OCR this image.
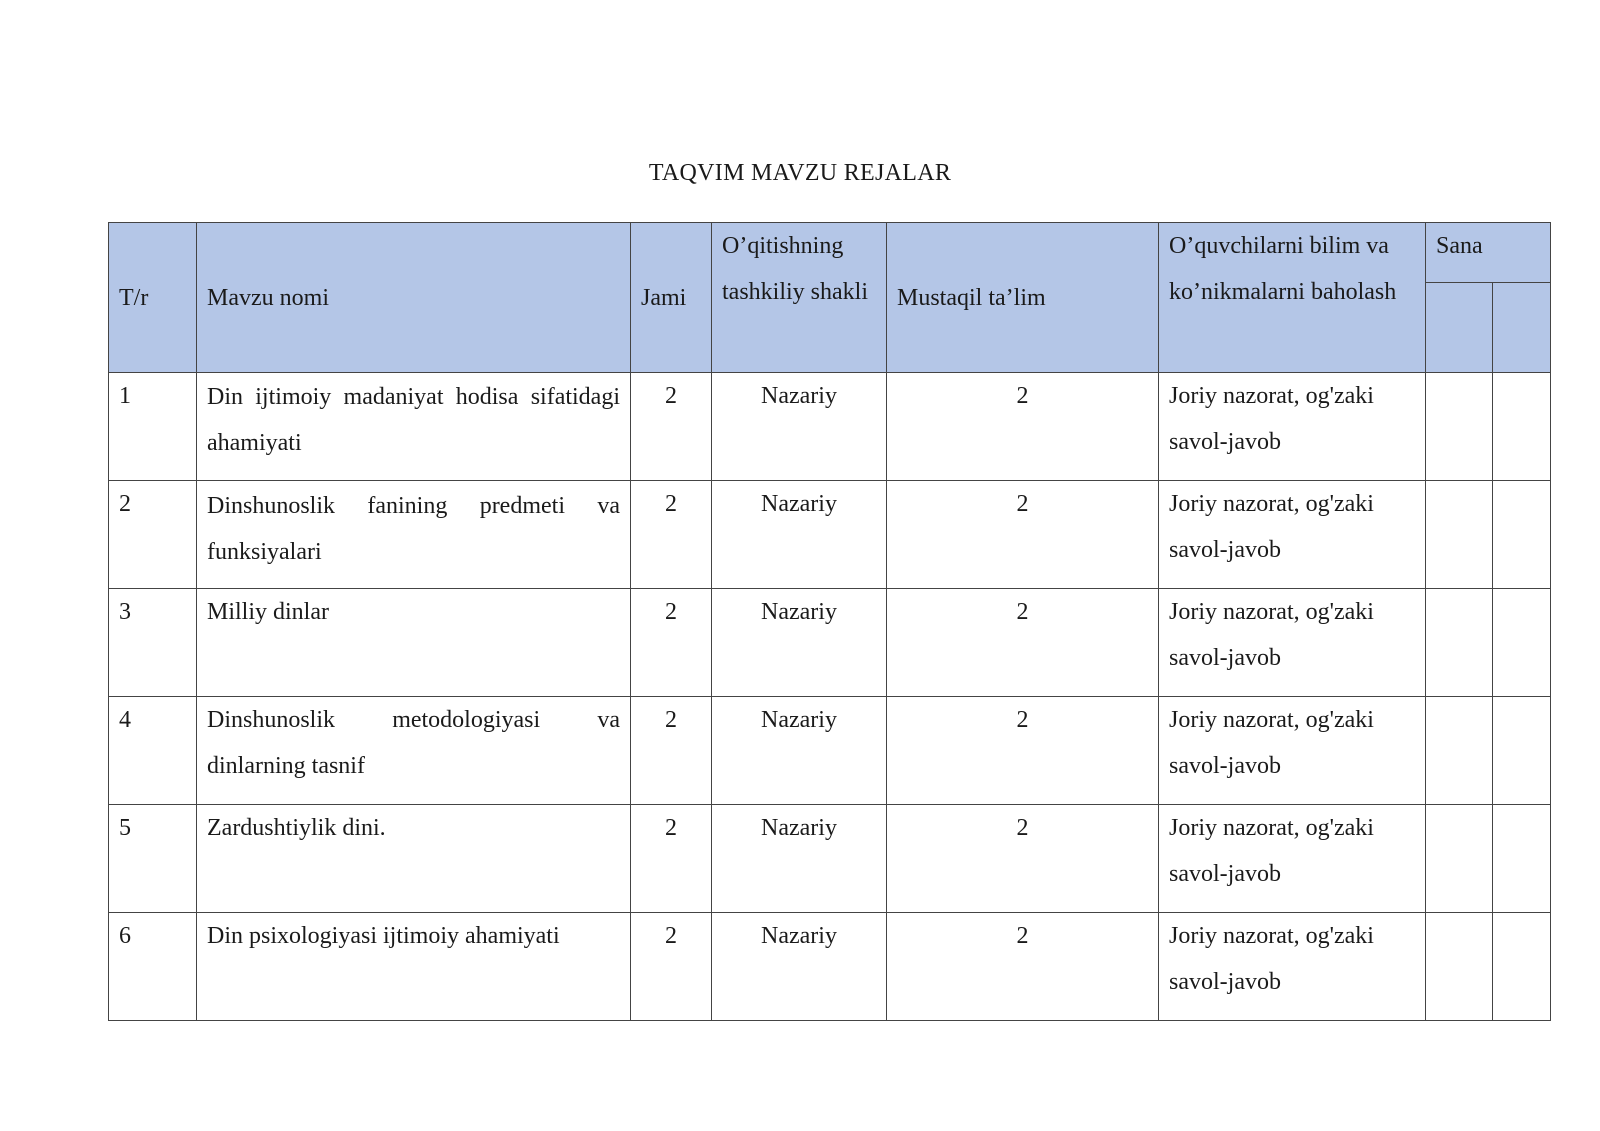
TAQVIM MAVZU REJALAR
T/r	Mavzu nomi	Jami	O’qitishning tashkiliy shakli	Mustaqil ta’lim	O’quvchilarni bilim va ko’nikmalarni baholash	Sana	

1	Din ijtimoiy madaniyat hodisa sifatidagi ahamiyati	2	Nazariy	2	Joriy nazorat, og'zaki savol-javob		
2	Dinshunoslik fanining predmeti va funksiyalari	2	Nazariy	2	Joriy nazorat, og'zaki savol-javob		
3	Milliy dinlar	2	Nazariy	2	Joriy nazorat, og'zaki savol-javob		
4	Dinshunoslik metodologiyasi va dinlarning tasnif	2	Nazariy	2	Joriy nazorat, og'zaki savol-javob		
5	Zardushtiylik dini.	2	Nazariy	2	Joriy nazorat, og'zaki savol-javob		
6	Din psixologiyasi ijtimoiy ahamiyati	2	Nazariy	2	Joriy nazorat, og'zaki savol-javob		
